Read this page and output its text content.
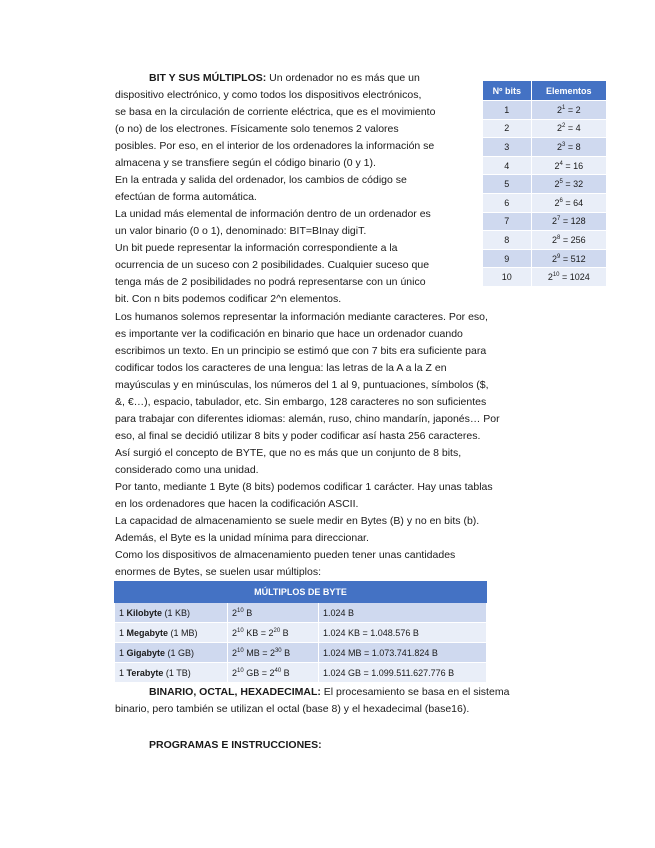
BIT Y SUS MÚLTIPLOS: Un ordenador no es más que un

dispositivo electrónico, y como todos los dispositivos electrónicos,

se basa en la circulación de corriente eléctrica, que es el movimiento

(o no) de los electrones. Físicamente solo tenemos 2 valores

posibles. Por eso, en el interior de los ordenadores la información se

almacena y se transfiere según el código binario (0 y 1).

En la entrada y salida del ordenador, los cambios de código se

efectúan de forma automática.

La unidad más elemental de información dentro de un ordenador es

un valor binario (0 o 1), denominado: BIT=BInay digiT.

Un bit puede representar la información correspondiente a la

ocurrencia de un suceso con 2 posibilidades. Cualquier suceso que

tenga más de 2 posibilidades no podrá representarse con un único

bit. Con n bits podemos codificar 2^n elementos.

Nº bits	Elementos
1	$2^1 = 2$
2	$2^2 = 4$
3	$2^3 = 8$
4	$2^4 = 16$
5	$2^5 = 32$
6	$2^6 = 64$
7	$2^7 = 128$
8	$2^8 = 256$
9	$2^9 = 512$
10	$2^{10} = 1024$

Los humanos solemos representar la información mediante caracteres. Por eso,

es importante ver la codificación en binario que hace un ordenador cuando

escribimos un texto. En un principio se estimó que con 7 bits era suficiente para

codificar todos los caracteres de una lengua: las letras de la A a la Z en

mayúsculas y en minúsculas, los números del 1 al 9, puntuaciones, símbolos ($,

&, €…), espacio, tabulador, etc. Sin embargo, 128 caracteres no son suficientes

para trabajar con diferentes idiomas: alemán, ruso, chino mandarín, japonés… Por

eso, al final se decidió utilizar 8 bits y poder codificar así hasta 256 caracteres.

Así surgió el concepto de BYTE, que no es más que un conjunto de 8 bits,

considerado como una unidad.

Por tanto, mediante 1 Byte (8 bits) podemos codificar 1 carácter. Hay unas tablas

en los ordenadores que hacen la codificación ASCII.

La capacidad de almacenamiento se suele medir en Bytes (B) y no en bits (b).

Además, el Byte es la unidad mínima para direccionar.

Como los dispositivos de almacenamiento pueden tener unas cantidades

enormes de Bytes, se suelen usar múltiplos:

MÚLTIPLOS DE BYTE		
1 Kilobyte (1 KB)	$2^{10}$ B	1.024 B
1 Megabyte (1 MB)	$2^{10}$ KB = $2^{20}$ B	1.024 KB = 1.048.576 B
1 Gigabyte (1 GB)	$2^{10}$ MB = $2^{30}$ B	1.024 MB = 1.073.741.824 B
1 Terabyte (1 TB)	$2^{10}$ GB = $2^{40}$ B	1.024 GB = 1.099.511.627.776 B

BINARIO, OCTAL, HEXADECIMAL: El procesamiento se basa en el sistema

binario, pero también se utilizan el octal (base 8) y el hexadecimal (base16).

PROGRAMAS E INSTRUCCIONES:
